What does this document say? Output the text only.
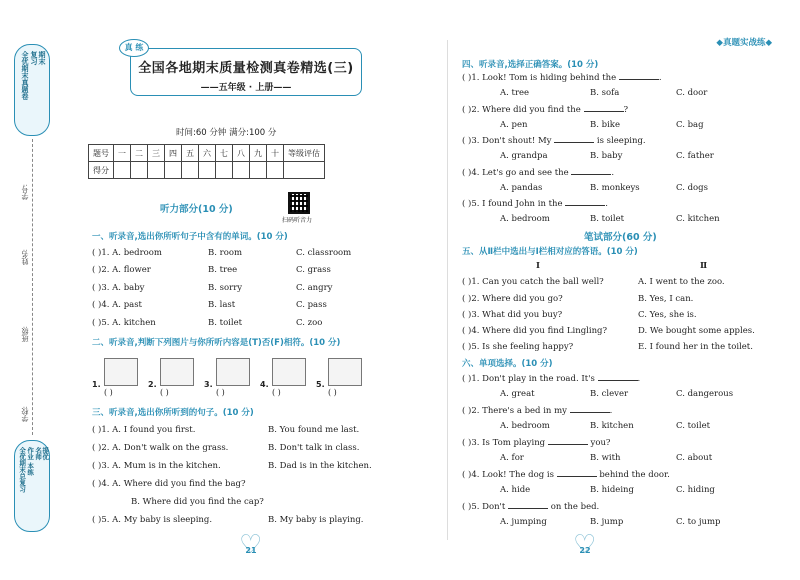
期末
复习
全优期末真题卷
学号:
姓名:
班级:
学校:
提优
名师
作业 本练
全优期末总复习
◆真题实战练◆
真 练
全国各地期末质量检测真卷精选(三)
——五年级 · 上册——
时间:60 分钟 满分:100 分
题号	一	二	三	四	五	六	七	八	九	十	等级评估
得分											
听力部分(10 分)
扫码听音力
一、听录音,选出你所听句子中含有的单词。(10 分)
( )1. A. bedroom	B. room	C. classroom
( )2. A. flower	B. tree	C. grass
( )3. A. baby	B. sorry	C. angry
( )4. A. past	B. last	C. pass
( )5. A. kitchen	B. toilet	C. zoo
二、听录音,判断下列图片与你所听内容是(T)否(F)相符。(10 分)
1.
( )
2.
( )
3.
( )
4.
( )
5.
( )
三、听录音,选出你所听到的句子。(10 分)
( )1. A. I found you first.	B. You found me last.
( )2. A. Don't walk on the grass.	B. Don't talk in class.
( )3. A. Mum is in the kitchen.	B. Dad is in the kitchen.
( )4. A. Where did you find the bag?
B. Where did you find the cap?
( )5. A. My baby is sleeping.	B. My baby is playing.
♡ 21
四、听录音,选择正确答案。(10 分)
( )1. Look! Tom is hiding behind the	.
A. tree	B. sofa	C. door
( )2. Where did you find the	?
A. pen	B. bike	C. bag
( )3. Don't shout! My	is sleeping.
A. grandpa	B. baby	C. father
( )4. Let's go and see the	.
A. pandas	B. monkeys	C. dogs
( )5. I found John in the	.
A. bedroom	B. toilet	C. kitchen
笔试部分(60 分)
五、从Ⅱ栏中选出与Ⅰ栏相对应的答语。(10 分)
Ⅰ	Ⅱ
( )1. Can you catch the ball well?	A. I went to the zoo.
( )2. Where did you go?	B. Yes, I can.
( )3. What did you buy?	C. Yes, she is.
( )4. Where did you find Lingling?	D. We bought some apples.
( )5. Is she feeling happy?	E. I found her in the toilet.
六、单项选择。(10 分)
( )1. Don't play in the road. It's	.
A. great	B. clever	C. dangerous
( )2. There's a bed in my	.
A. bedroom	B. kitchen	C. toilet
( )3. Is Tom playing	you?
A. for	B. with	C. about
( )4. Look! The dog is	behind the door.
A. hide	B. hideing	C. hiding
( )5. Don't	on the bed.
A. jumping	B. jump	C. to jump
♡ 22
